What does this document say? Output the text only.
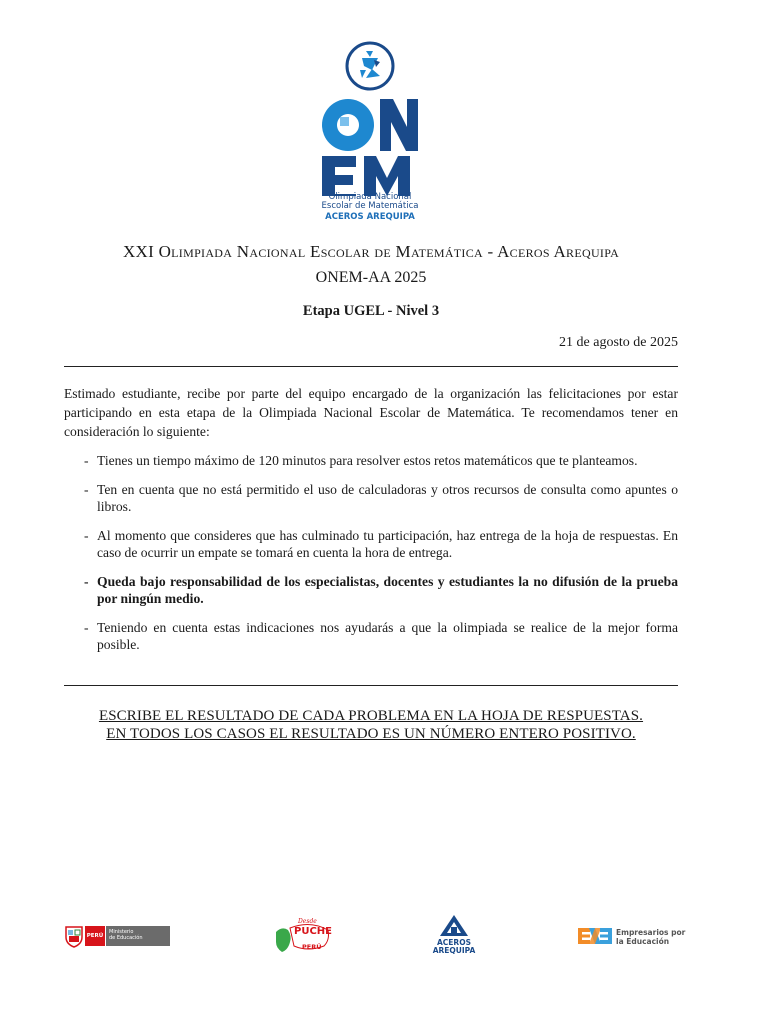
Olimpiada Nacional
Escolar de Matemática
ACEROS AREQUIPA
XXI Olimpiada Nacional Escolar de Matemática - Aceros Arequipa
ONEM-AA 2025
Etapa UGEL - Nivel 3
21 de agosto de 2025
Estimado estudiante, recibe por parte del equipo encargado de la organización las felicitaciones por estar participando en esta etapa de la Olimpiada Nacional Escolar de Matemática. Te recomendamos tener en consideración lo siguiente:
- Tienes un tiempo máximo de 120 minutos para resolver estos retos matemáticos que te planteamos.
- Ten en cuenta que no está permitido el uso de calculadoras y otros recursos de consulta como apuntes o libros.
- Al momento que consideres que has culminado tu participación, haz entrega de la hoja de respuestas. En caso de ocurrir un empate se tomará en cuenta la hora de entrega.
- Queda bajo responsabilidad de los especialistas, docentes y estudiantes la no difusión de la prueba por ningún medio.
- Teniendo en cuenta estas indicaciones nos ayudarás a que la olimpiada se realice de la mejor forma posible.
ESCRIBE EL RESULTADO DE CADA PROBLEMA EN LA HOJA DE RESPUESTAS.
EN TODOS LOS CASOS EL RESULTADO ES UN NÚMERO ENTERO POSITIVO.
PERÚ
Ministerio
de Educación
Desde
PUCHE
PERÚ	ACEROS
AREQUIPA
Empresarios por
la Educación
